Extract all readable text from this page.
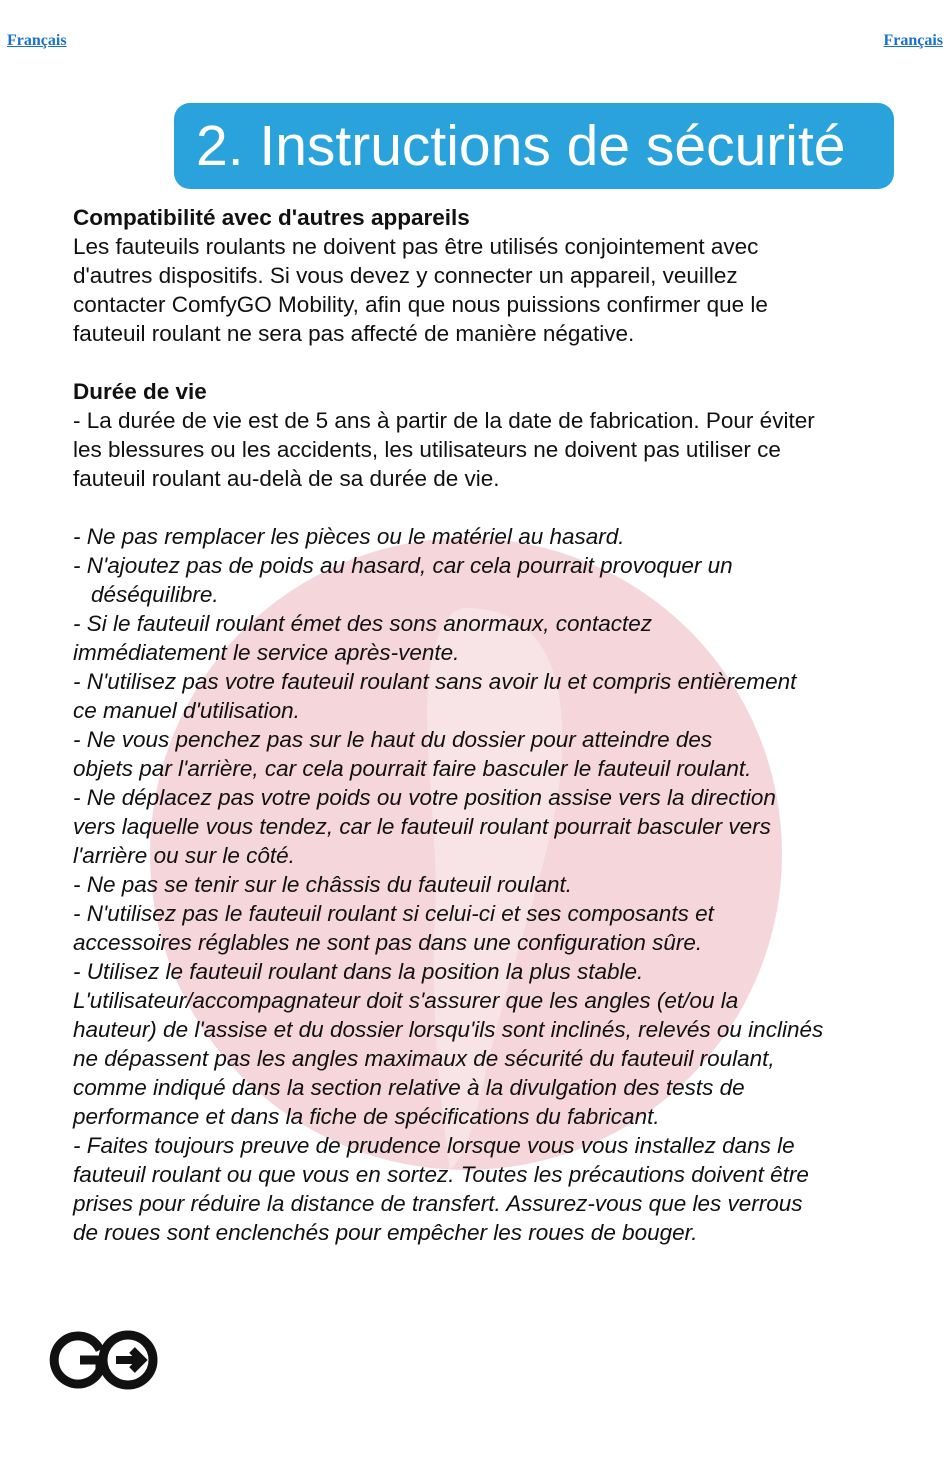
Français	Français
2. Instructions de sécurité

Compatibilité avec d'autres appareils

Les fauteuils roulants ne doivent pas être utilisés conjointement avec

d'autres dispositifs. Si vous devez y connecter un appareil, veuillez

contacter ComfyGO Mobility, afin que nous puissions confirmer que le

fauteuil roulant ne sera pas affecté de manière négative.

Durée de vie

- La durée de vie est de 5 ans à partir de la date de fabrication. Pour éviter

les blessures ou les accidents, les utilisateurs ne doivent pas utiliser ce

fauteuil roulant au-delà de sa durée de vie.

- Ne pas remplacer les pièces ou le matériel au hasard.

- N'ajoutez pas de poids au hasard, car cela pourrait provoquer un

déséquilibre.

- Si le fauteuil roulant émet des sons anormaux, contactez

immédiatement le service après-vente.

- N'utilisez pas votre fauteuil roulant sans avoir lu et compris entièrement

ce manuel d'utilisation.

- Ne vous penchez pas sur le haut du dossier pour atteindre des

objets par l'arrière, car cela pourrait faire basculer le fauteuil roulant.

- Ne déplacez pas votre poids ou votre position assise vers la direction

vers laquelle vous tendez, car le fauteuil roulant pourrait basculer vers

l'arrière ou sur le côté.

- Ne pas se tenir sur le châssis du fauteuil roulant.

- N'utilisez pas le fauteuil roulant si celui-ci et ses composants et

accessoires réglables ne sont pas dans une configuration sûre.

- Utilisez le fauteuil roulant dans la position la plus stable.

L'utilisateur/accompagnateur doit s'assurer que les angles (et/ou la

hauteur) de l'assise et du dossier lorsqu'ils sont inclinés, relevés ou inclinés

ne dépassent pas les angles maximaux de sécurité du fauteuil roulant,

comme indiqué dans la section relative à la divulgation des tests de

performance et dans la fiche de spécifications du fabricant.

- Faites toujours preuve de prudence lorsque vous vous installez dans le

fauteuil roulant ou que vous en sortez. Toutes les précautions doivent être

prises pour réduire la distance de transfert. Assurez-vous que les verrous

de roues sont enclenchés pour empêcher les roues de bouger.
